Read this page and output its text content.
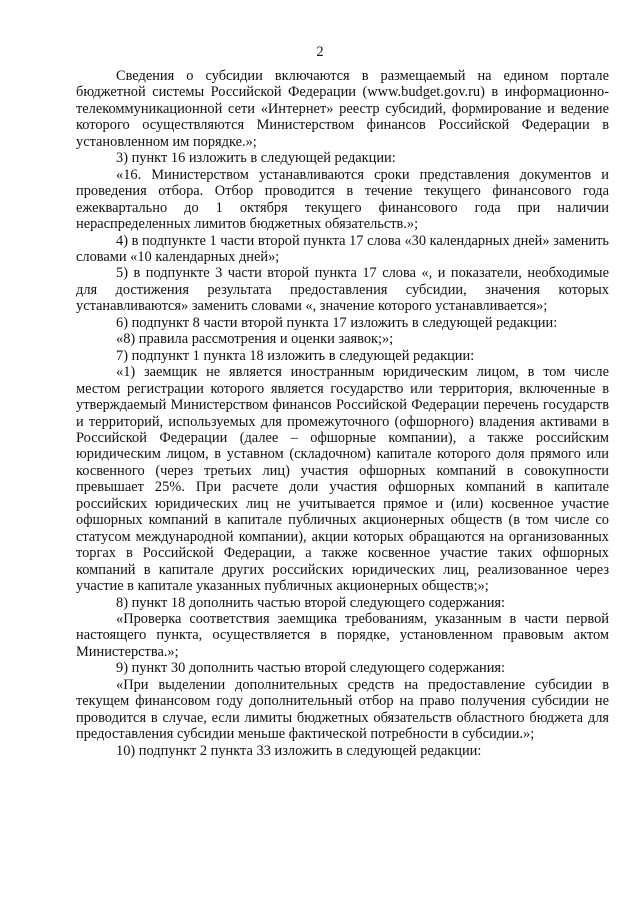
2

Сведения о субсидии включаются в размещаемый на едином портале бюджетной системы Российской Федерации (www.budget.gov.ru) в информационно-телекоммуникационной сети «Интернет» реестр субсидий, формирование и ведение которого осуществляются Министерством финансов Российской Федерации в установленном им порядке.»;

3) пункт 16 изложить в следующей редакции:

«16. Министерством устанавливаются сроки представления документов и проведения отбора. Отбор проводится в течение текущего финансового года ежеквартально до 1 октября текущего финансового года при наличии нераспределенных лимитов бюджетных обязательств.»;

4) в подпункте 1 части второй пункта 17 слова «30 календарных дней» заменить словами «10 календарных дней»;

5) в подпункте 3 части второй пункта 17 слова «, и показатели, необходимые для достижения результата предоставления субсидии, значения которых устанавливаются» заменить словами «, значение которого устанавливается»;

6) подпункт 8 части второй пункта 17 изложить в следующей редакции:

«8) правила рассмотрения и оценки заявок;»;

7) подпункт 1 пункта 18 изложить в следующей редакции:

«1) заемщик не является иностранным юридическим лицом, в том числе местом регистрации которого является государство или территория, включенные в утверждаемый Министерством финансов Российской Федерации перечень государств и территорий, используемых для промежуточного (офшорного) владения активами в Российской Федерации (далее – офшорные компании), а также российским юридическим лицом, в уставном (складочном) капитале которого доля прямого или косвенного (через третьих лиц) участия офшорных компаний в совокупности превышает 25%. При расчете доли участия офшорных компаний в капитале российских юридических лиц не учитывается прямое и (или) косвенное участие офшорных компаний в капитале публичных акционерных обществ (в том числе со статусом международной компании), акции которых обращаются на организованных торгах в Российской Федерации, а также косвенное участие таких офшорных компаний в капитале других российских юридических лиц, реализованное через участие в капитале указанных публичных акционерных обществ;»;

8) пункт 18 дополнить частью второй следующего содержания:

«Проверка соответствия заемщика требованиям, указанным в части первой настоящего пункта, осуществляется в порядке, установленном правовым актом Министерства.»;

9) пункт 30 дополнить частью второй следующего содержания:

«При выделении дополнительных средств на предоставление субсидии в текущем финансовом году дополнительный отбор на право получения субсидии не проводится в случае, если лимиты бюджетных обязательств областного бюджета для предоставления субсидии меньше фактической потребности в субсидии.»;

10) подпункт 2 пункта 33 изложить в следующей редакции:
